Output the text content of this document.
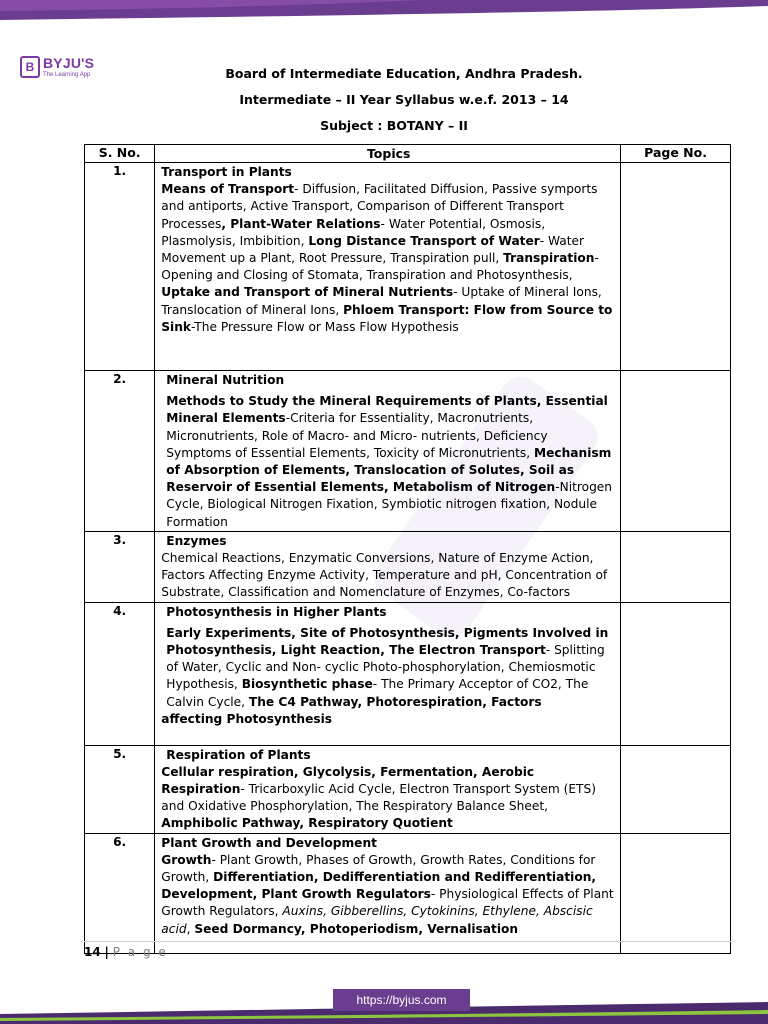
B BYJU'S
The Learning App	Board of Intermediate Education, Andhra Pradesh.
Intermediate – II Year Syllabus w.e.f. 2013 – 14
Subject : BOTANY – II
S. No.	Topics	Page No.
1.	Transport in Plants
Means of Transport- Diffusion, Facilitated Diffusion, Passive symports and antiports, Active Transport, Comparison of Different Transport Processes, Plant-Water Relations- Water Potential, Osmosis, Plasmolysis, Imbibition, Long Distance Transport of Water- Water Movement up a Plant, Root Pressure, Transpiration pull, Transpiration- Opening and Closing of Stomata, Transpiration and Photosynthesis, Uptake and Transport of Mineral Nutrients- Uptake of Mineral Ions, Translocation of Mineral Ions, Phloem Transport: Flow from Source to Sink-The Pressure Flow or Mass Flow Hypothesis	

2.	Mineral Nutrition
Methods to Study the Mineral Requirements of Plants, Essential Mineral Elements-Criteria for Essentiality, Macronutrients, Micronutrients, Role of Macro- and Micro- nutrients, Deficiency Symptoms of Essential Elements, Toxicity of Micronutrients, Mechanism of Absorption of Elements, Translocation of Solutes, Soil as Reservoir of Essential Elements, Metabolism of Nitrogen-Nitrogen Cycle, Biological Nitrogen Fixation, Symbiotic nitrogen fixation, Nodule Formation	

3.	Enzymes
Chemical Reactions, Enzymatic Conversions, Nature of Enzyme Action, Factors Affecting Enzyme Activity, Temperature and pH, Concentration of Substrate, Classification and Nomenclature of Enzymes, Co-factors	

4.	Photosynthesis in Higher Plants
Early Experiments, Site of Photosynthesis, Pigments Involved in Photosynthesis, Light Reaction, The Electron Transport- Splitting of Water, Cyclic and Non- cyclic Photo-phosphorylation, Chemiosmotic Hypothesis, Biosynthetic phase- The Primary Acceptor of CO2, The Calvin Cycle, The C4 Pathway, Photorespiration, Factors
affecting Photosynthesis	

5.	Respiration of Plants
Cellular respiration, Glycolysis, Fermentation, Aerobic Respiration- Tricarboxylic Acid Cycle, Electron Transport System (ETS) and Oxidative Phosphorylation, The Respiratory Balance Sheet, Amphibolic Pathway, Respiratory Quotient	

6.	Plant Growth and Development
Growth- Plant Growth, Phases of Growth, Growth Rates, Conditions for Growth, Differentiation, Dedifferentiation and Redifferentiation, Development, Plant Growth Regulators- Physiological Effects of Plant Growth Regulators, Auxins, Gibberellins, Cytokinins, Ethylene, Abscisic acid, Seed Dormancy, Photoperiodism, Vernalisation	

14 | P a g e
https://byjus.com
